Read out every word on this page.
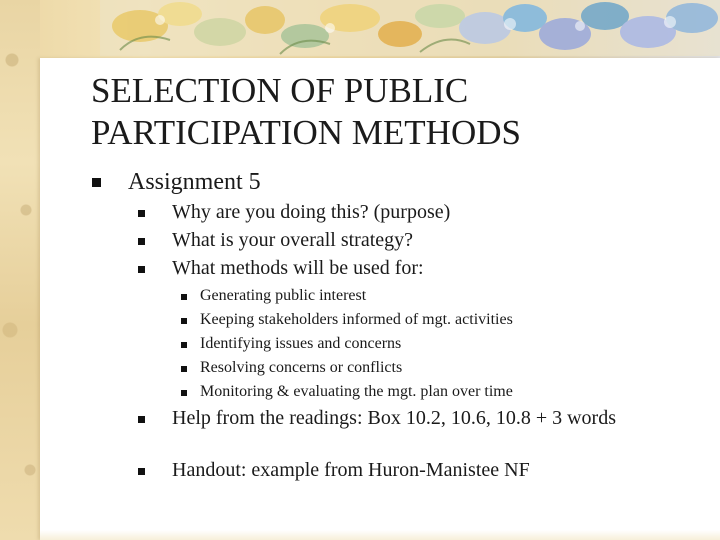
SELECTION OF PUBLIC
PARTICIPATION METHODS
Assignment 5
Why are you doing this? (purpose)
What is your overall strategy?
What methods will be used for:
Generating public interest
Keeping stakeholders informed of mgt. activities
Identifying issues and concerns
Resolving concerns or conflicts
Monitoring & evaluating the mgt. plan over time
Help from the readings: Box 10.2, 10.6, 10.8 + 3 words
Handout: example from Huron-Manistee NF
